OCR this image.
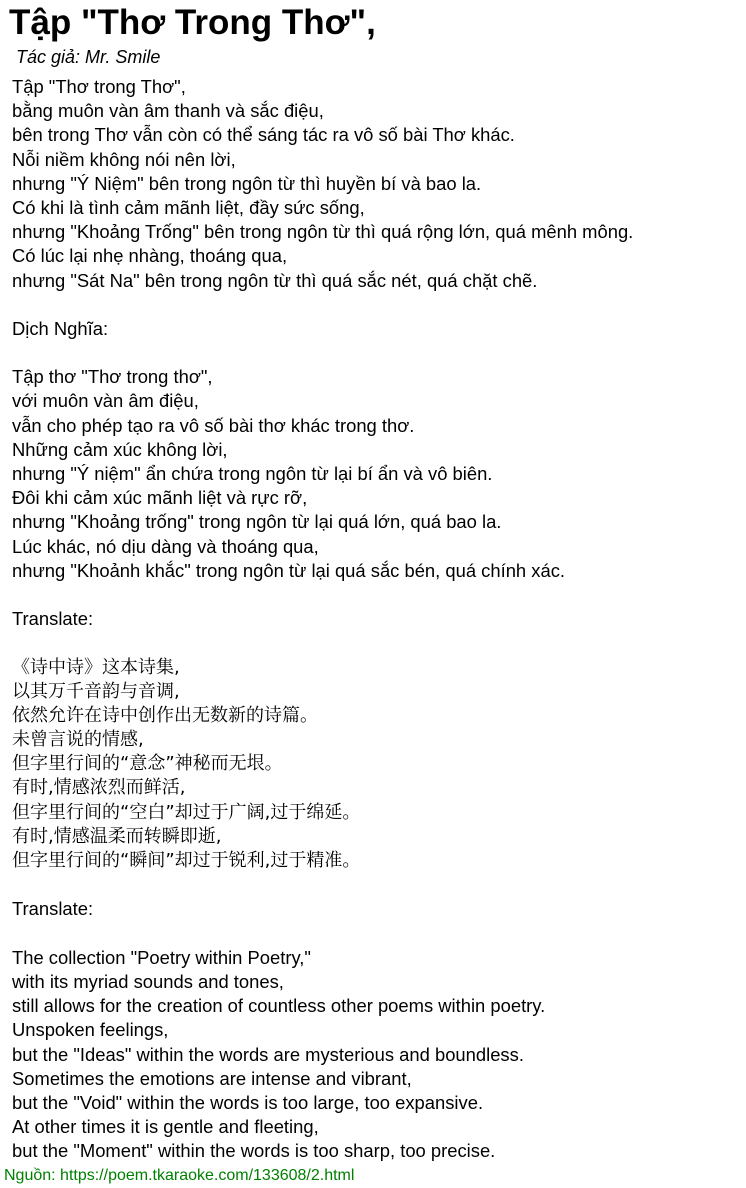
Tập "Thơ Trong Thơ",
Tác giả: Mr. Smile
Tập "Thơ trong Thơ",
bằng muôn vàn âm thanh và sắc điệu,
bên trong Thơ vẫn còn có thể sáng tác ra vô số bài Thơ khác.
Nỗi niềm không nói nên lời,
nhưng "Ý Niệm" bên trong ngôn từ thì huyền bí và bao la.
Có khi là tình cảm mãnh liệt, đầy sức sống,
nhưng "Khoảng Trống" bên trong ngôn từ thì quá rộng lớn, quá mênh mông.
Có lúc lại nhẹ nhàng, thoáng qua,
nhưng "Sát Na" bên trong ngôn từ thì quá sắc nét, quá chặt chẽ.
Dịch Nghĩa:
Tập thơ "Thơ trong thơ",
với muôn vàn âm điệu,
vẫn cho phép tạo ra vô số bài thơ khác trong thơ.
Những cảm xúc không lời,
nhưng "Ý niệm" ẩn chứa trong ngôn từ lại bí ẩn và vô biên.
Đôi khi cảm xúc mãnh liệt và rực rỡ,
nhưng "Khoảng trống" trong ngôn từ lại quá lớn, quá bao la.
Lúc khác, nó dịu dàng và thoáng qua,
nhưng "Khoảnh khắc" trong ngôn từ lại quá sắc bén, quá chính xác.
Translate:
《诗中诗》这本诗集,
以其万千音韵与音调,
依然允许在诗中创作出无数新的诗篇。
未曾言说的情感,
但字里行间的“意念”神秘而无垠。
有时,情感浓烈而鲜活,
但字里行间的“空白”却过于广阔,过于绵延。
有时,情感温柔而转瞬即逝,
但字里行间的“瞬间”却过于锐利,过于精准。
Translate:
The collection "Poetry within Poetry,"
with its myriad sounds and tones,
still allows for the creation of countless other poems within poetry.
Unspoken feelings,
but the "Ideas" within the words are mysterious and boundless.
Sometimes the emotions are intense and vibrant,
but the "Void" within the words is too large, too expansive.
At other times it is gentle and fleeting,
but the "Moment" within the words is too sharp, too precise.
Nguồn: https://poem.tkaraoke.com/133608/2.html
